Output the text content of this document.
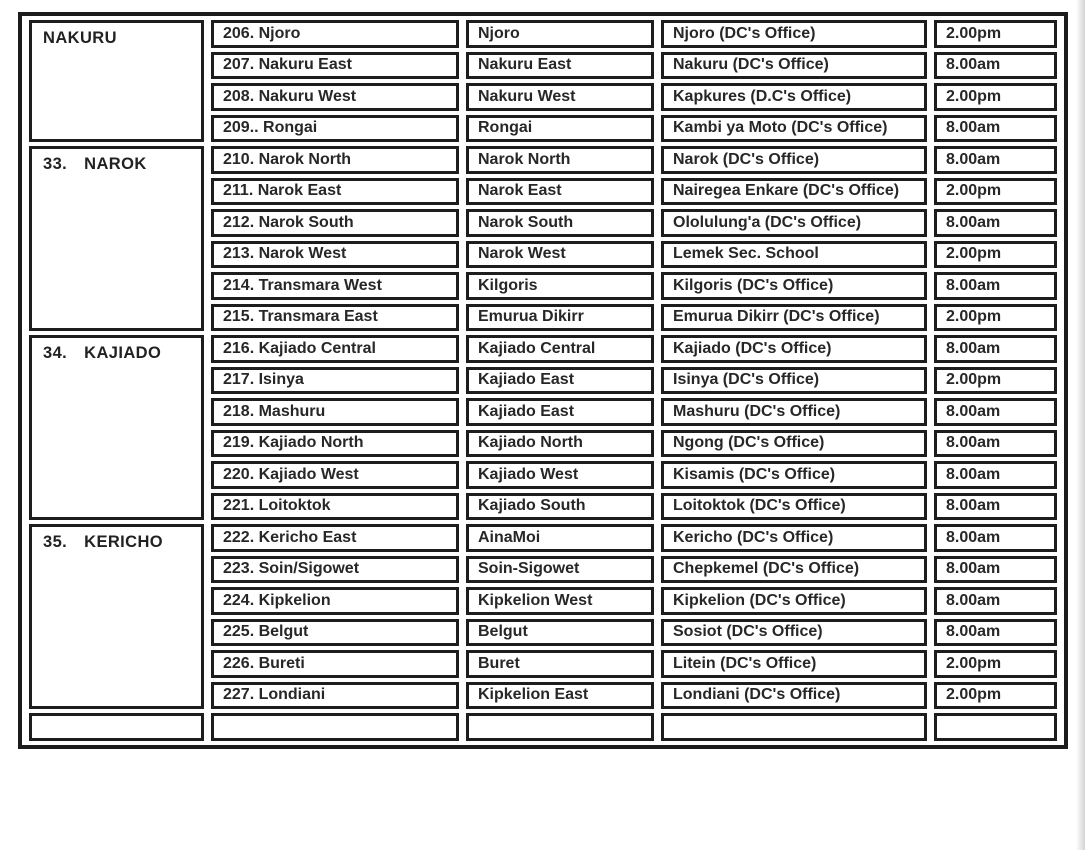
NAKURU	206. Njoro	Njoro	Njoro (DC's Office)	2.00pm
	207. Nakuru East	Nakuru East	Nakuru (DC's Office)	8.00am
	208. Nakuru West	Nakuru West	Kapkures (D.C's Office)	2.00pm
	209.. Rongai	Rongai	Kambi ya Moto (DC's Office)	8.00am
33. NAROK	210. Narok North	Narok North	Narok (DC's Office)	8.00am
	211. Narok East	Narok East	Nairegea Enkare (DC's Office)	2.00pm
	212. Narok South	Narok South	Ololulung'a (DC's Office)	8.00am
	213. Narok West	Narok West	Lemek Sec. School	2.00pm
	214. Transmara West	Kilgoris	Kilgoris (DC's Office)	8.00am
	215. Transmara East	Emurua Dikirr	Emurua Dikirr (DC's Office)	2.00pm
34. KAJIADO	216. Kajiado Central	Kajiado Central	Kajiado (DC's Office)	8.00am
	217. Isinya	Kajiado East	Isinya (DC's Office)	2.00pm
	218. Mashuru	Kajiado East	Mashuru (DC's Office)	8.00am
	219. Kajiado North	Kajiado North	Ngong (DC's Office)	8.00am
	220. Kajiado West	Kajiado West	Kisamis (DC's Office)	8.00am
	221. Loitoktok	Kajiado South	Loitoktok (DC's Office)	8.00am
35. KERICHO	222. Kericho East	AinaMoi	Kericho (DC's Office)	8.00am
	223. Soin/Sigowet	Soin-Sigowet	Chepkemel (DC's Office)	8.00am
	224. Kipkelion	Kipkelion West	Kipkelion (DC's Office)	8.00am
	225. Belgut	Belgut	Sosiot (DC's Office)	8.00am
	226. Bureti	Buret	Litein (DC's Office)	2.00pm
	227. Londiani	Kipkelion East	Londiani (DC's Office)	2.00pm
